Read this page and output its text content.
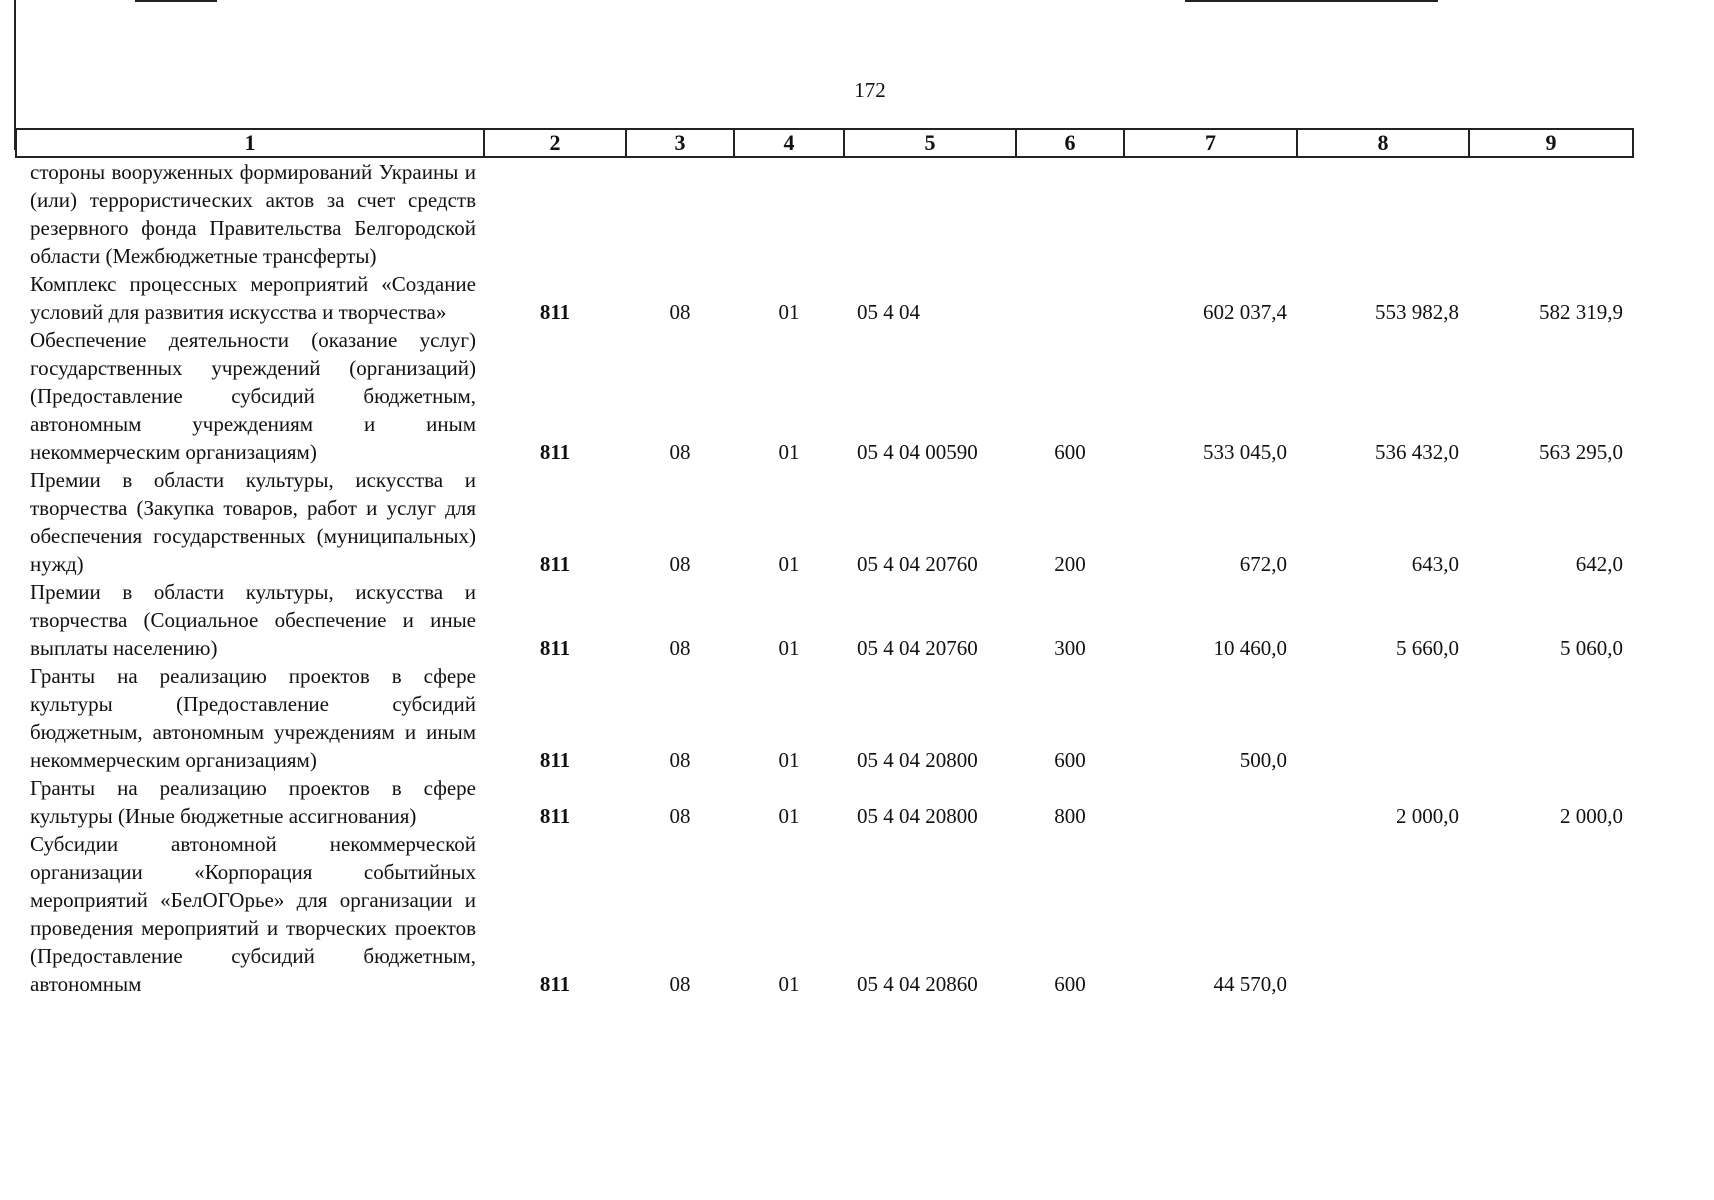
172
1	2	3	4	5	6	7	8	9
стороны вооруженных формирований Украины и (или) террористических актов за счет средств резервного фонда Правительства Белгородской области (Межбюджетные трансферты)								
Комплекс процессных мероприятий «Создание условий для развития искусства и творчества»	811	08	01	05 4 04		602 037,4	553 982,8	582 319,9
Обеспечение деятельности (оказание услуг) государственных учреждений (организаций) (Предоставление субсидий бюджетным, автономным учреждениям и иным некоммерческим организациям)	811	08	01	05 4 04 00590	600	533 045,0	536 432,0	563 295,0
Премии в области культуры, искусства и творчества (Закупка товаров, работ и услуг для обеспечения государственных (муниципальных) нужд)	811	08	01	05 4 04 20760	200	672,0	643,0	642,0
Премии в области культуры, искусства и творчества (Социальное обеспечение и иные выплаты населению)	811	08	01	05 4 04 20760	300	10 460,0	5 660,0	5 060,0
Гранты на реализацию проектов в сфере культуры (Предоставление субсидий бюджетным, автономным учреждениям и иным некоммерческим организациям)	811	08	01	05 4 04 20800	600	500,0		
Гранты на реализацию проектов в сфере культуры (Иные бюджетные ассигнования)	811	08	01	05 4 04 20800	800		2 000,0	2 000,0
Субсидии автономной некоммерческой организации «Корпорация событийных мероприятий «БелОГОрье» для организации и проведения мероприятий и творческих проектов (Предоставление субсидий бюджетным, автономным	811	08	01	05 4 04 20860	600	44 570,0		
